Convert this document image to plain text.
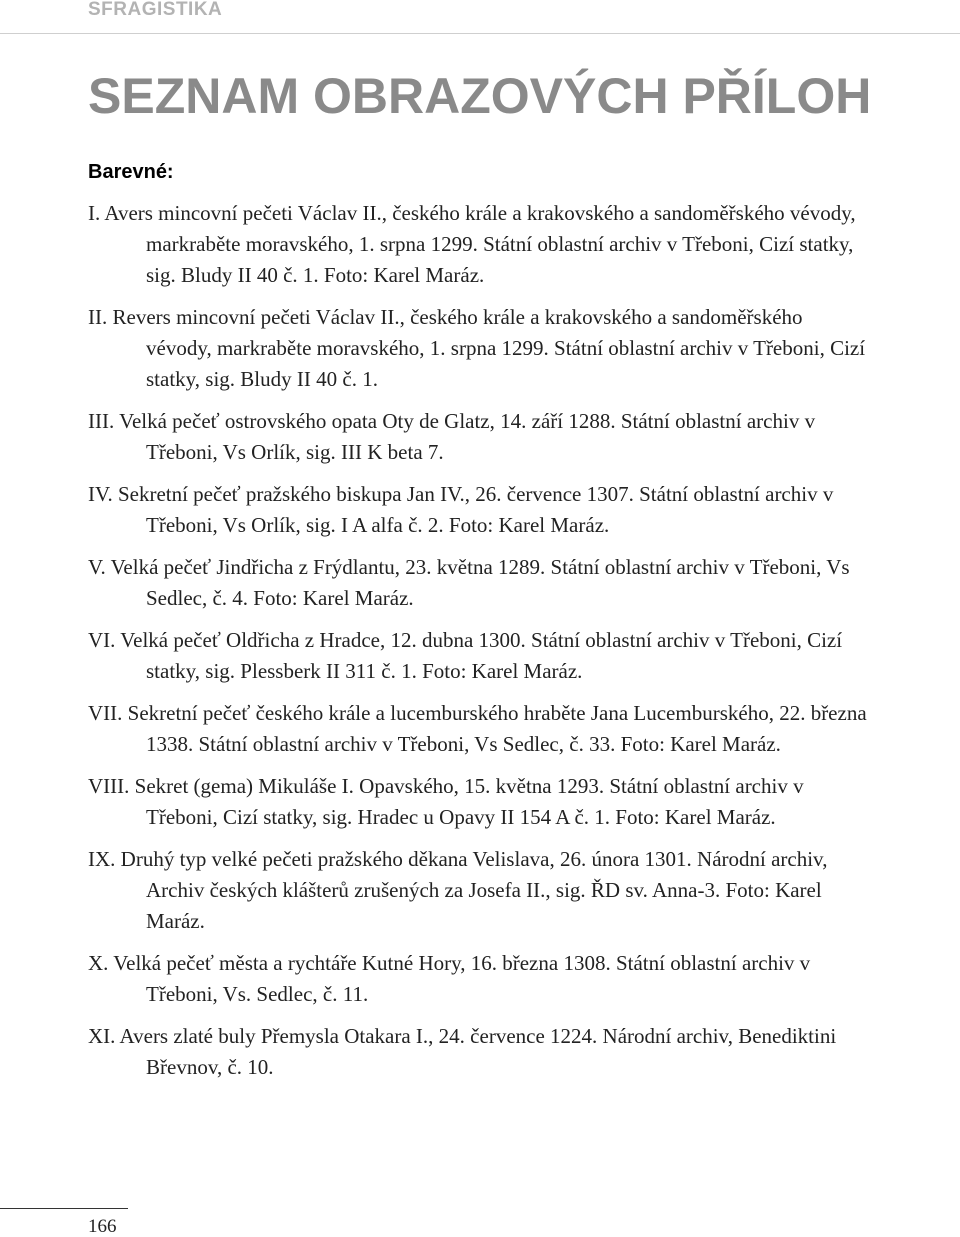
SFRAGISTIKA
SEZNAM OBRAZOVÝCH PŘÍLOH
Barevné:
I. Avers mincovní pečeti Václav II., českého krále a krakovského a sandoměřského vévody, markraběte moravského, 1. srpna 1299. Státní oblastní archiv v Třeboni, Cizí statky, sig. Bludy II 40 č. 1. Foto: Karel Maráz.
II. Revers mincovní pečeti Václav II., českého krále a krakovského a sandoměřského vévody, markraběte moravského, 1. srpna 1299. Státní oblastní archiv v Třeboni, Cizí statky, sig. Bludy II 40 č. 1.
III. Velká pečeť ostrovského opata Oty de Glatz, 14. září 1288. Státní oblastní archiv v Třeboni, Vs Orlík, sig. III K beta 7.
IV. Sekretní pečeť pražského biskupa Jan IV., 26. července 1307. Státní oblastní archiv v Třeboni, Vs Orlík, sig. I A alfa č. 2. Foto: Karel Maráz.
V. Velká pečeť Jindřicha z Frýdlantu, 23. května 1289. Státní oblastní archiv v Třeboni, Vs Sedlec, č. 4. Foto: Karel Maráz.
VI. Velká pečeť Oldřicha z Hradce, 12. dubna 1300. Státní oblastní archiv v Třeboni, Cizí statky, sig. Plessberk II 311 č. 1. Foto: Karel Maráz.
VII. Sekretní pečeť českého krále a lucemburského hraběte Jana Lucemburského, 22. března 1338. Státní oblastní archiv v Třeboni, Vs Sedlec, č. 33. Foto: Karel Maráz.
VIII. Sekret (gema) Mikuláše I. Opavského, 15. května 1293. Státní oblastní archiv v Třeboni, Cizí statky, sig. Hradec u Opavy II 154 A č. 1. Foto: Karel Maráz.
IX. Druhý typ velké pečeti pražského děkana Velislava, 26. února 1301. Národní archiv, Archiv českých klášterů zrušených za Josefa II., sig. ŘD sv. Anna-3. Foto: Karel Maráz.
X. Velká pečeť města a rychtáře Kutné Hory, 16. března 1308. Státní oblastní archiv v Třeboni, Vs. Sedlec, č. 11.
XI. Avers zlaté buly Přemysla Otakara I., 24. července 1224. Národní archiv, Benediktini Břevnov, č. 10.
166
